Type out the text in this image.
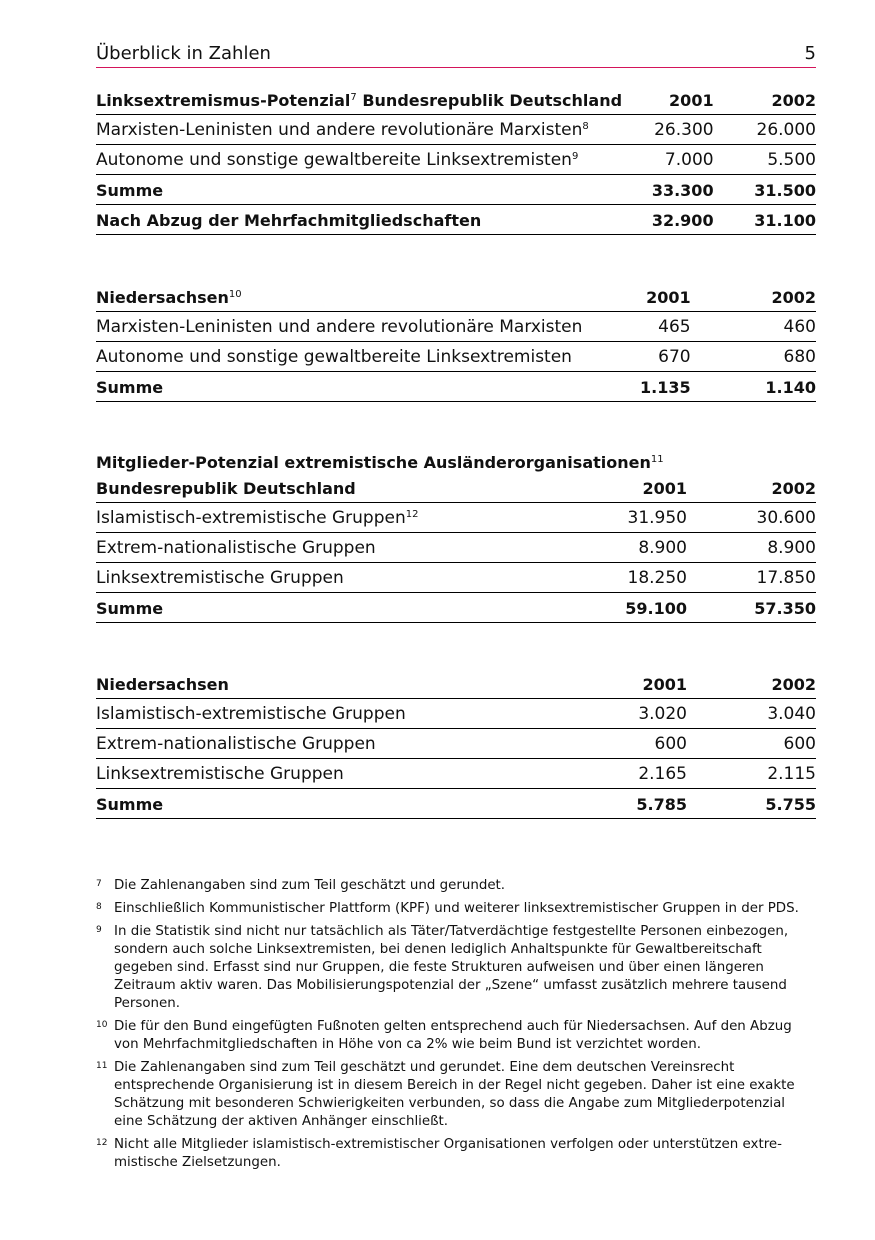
Überblick in Zahlen	5
Linksextremismus-Potenzial$^7$ Bundesrepublik Deutschland	2001	2002
Marxisten-Leninisten und andere revolutionäre Marxisten$^8$	26.300	26.000
Autonome und sonstige gewaltbereite Linksextremisten$^9$	7.000	5.500
Summe	33.300	31.500
Nach Abzug der Mehrfachmitgliedschaften	32.900	31.100
Niedersachsen$^{10}$	2001	2002
Marxisten-Leninisten und andere revolutionäre Marxisten	465	460
Autonome und sonstige gewaltbereite Linksextremisten	670	680
Summe	1.135	1.140
Mitglieder-Potenzial extremistische Ausländerorganisationen$^{11}$
Bundesrepublik Deutschland	2001	2002
Islamistisch-extremistische Gruppen$^{12}$	31.950	30.600
Extrem-nationalistische Gruppen	8.900	8.900
Linksextremistische Gruppen	18.250	17.850
Summe	59.100	57.350
Niedersachsen	2001	2002
Islamistisch-extremistische Gruppen	3.020	3.040
Extrem-nationalistische Gruppen	600	600
Linksextremistische Gruppen	2.165	2.115
Summe	5.785	5.755
7 Die Zahlenangaben sind zum Teil geschätzt und gerundet.
8 Einschließlich Kommunistischer Plattform (KPF) und weiterer linksextremistischer Gruppen in der PDS.
9 In die Statistik sind nicht nur tatsächlich als Täter/Tatverdächtige festgestellte Personen einbezogen, sondern auch solche Linksextremisten, bei denen lediglich Anhaltspunkte für Gewaltbereitschaft gegeben sind. Erfasst sind nur Gruppen, die feste Strukturen aufweisen und über einen längeren Zeitraum aktiv waren. Das Mobilisierungspotenzial der „Szene“ umfasst zusätzlich mehrere tausend Personen.
10 Die für den Bund eingefügten Fußnoten gelten entsprechend auch für Niedersachsen. Auf den Abzug von Mehrfachmitgliedschaften in Höhe von ca 2% wie beim Bund ist verzichtet worden.
11 Die Zahlenangaben sind zum Teil geschätzt und gerundet. Eine dem deutschen Vereinsrecht entsprechende Organisierung ist in diesem Bereich in der Regel nicht gegeben. Daher ist eine exakte Schätzung mit besonderen Schwierigkeiten verbunden, so dass die Angabe zum Mitgliederpotenzial eine Schätzung der aktiven Anhänger einschließt.
12 Nicht alle Mitglieder islamistisch-extremistischer Organisationen verfolgen oder unterstützen extremistische Zielsetzungen.
